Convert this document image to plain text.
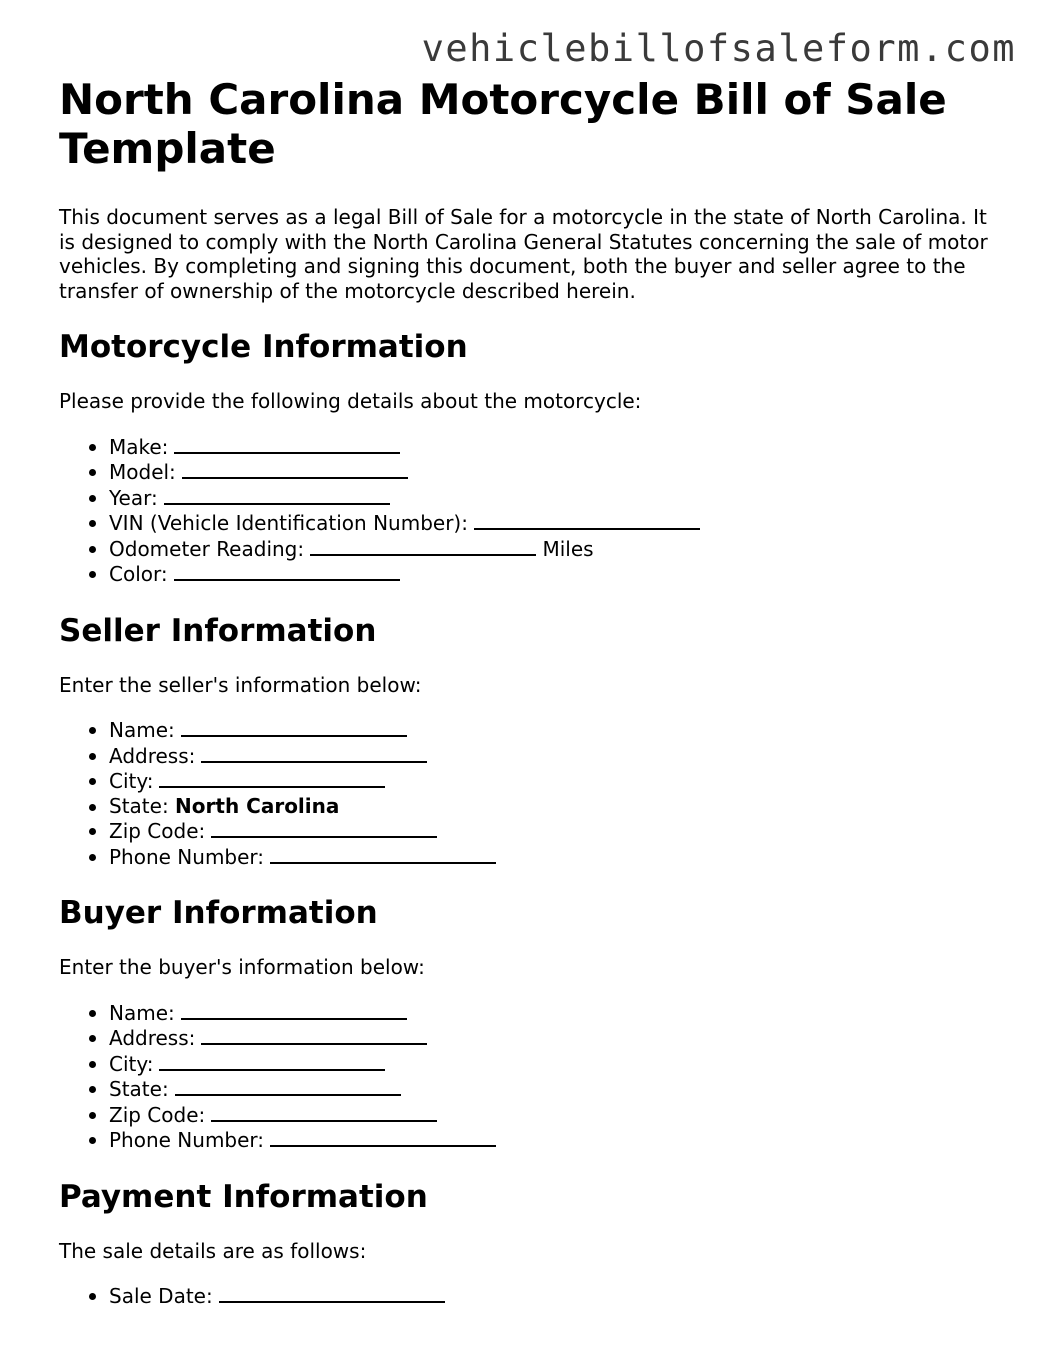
vehiclebillofsaleform.com
North Carolina Motorcycle Bill of Sale Template

This document serves as a legal Bill of Sale for a motorcycle in the state of North Carolina. It is designed to comply with the North Carolina General Statutes concerning the sale of motor vehicles. By completing and signing this document, both the buyer and seller agree to the transfer of ownership of the motorcycle described herein.

Motorcycle Information

Please provide the following details about the motorcycle:

Make:
Model:
Year:
VIN (Vehicle Identification Number):
Odometer Reading:	Miles
Color:
Seller Information

Enter the seller's information below:

Name:
Address:
City:
State: North Carolina
Zip Code:
Phone Number:
Buyer Information

Enter the buyer's information below:

Name:
Address:
City:
State:
Zip Code:
Phone Number:
Payment Information

The sale details are as follows:

Sale Date:
